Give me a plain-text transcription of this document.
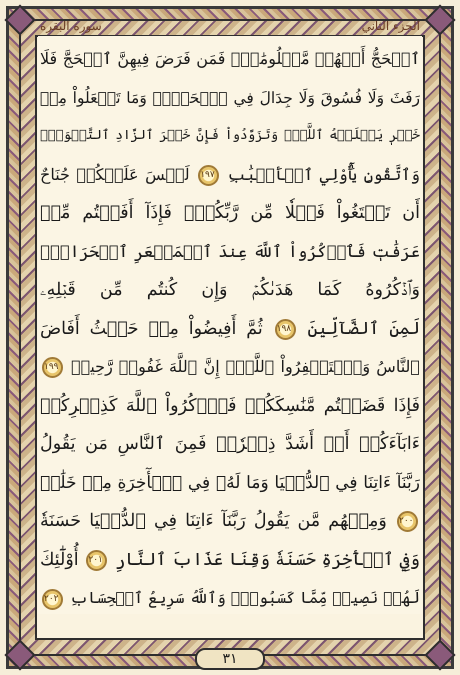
الجزء الثاني
سورة البقرة
ٱلۡحَجُّ أَشۡهُرٞ مَّعۡلُومَٰتٞۚ فَمَن فَرَضَ فِيهِنَّ ٱلۡحَجَّ فَلَا
رَفَثَ وَلَا فُسُوقَ وَلَا جِدَالَ فِي ٱلۡحَجِّۗ وَمَا تَفۡعَلُواْ مِنۡ
خَيۡرٖ يَعۡلَمۡهُ ٱللَّهُۗ وَتَزَوَّدُواْ فَإِنَّ خَيۡرَ ٱلزَّادِ ٱلتَّقۡوَىٰۖ
وَٱتَّقُونِ يَٰٓأُوْلِي ٱلۡأَلۡبَٰبِ ١٩٧ لَيۡسَ عَلَيۡكُمۡ جُنَاحٌ
أَن تَبۡتَغُواْ فَضۡلٗا مِّن رَّبِّكُمۡۚ فَإِذَآ أَفَضۡتُم مِّنۡ
عَرَفَٰتٖ فَٱذۡكُرُواْ ٱللَّهَ عِندَ ٱلۡمَشۡعَرِ ٱلۡحَرَامِۖ
وَٱذۡكُرُوهُ كَمَا هَدَىٰكُمۡ وَإِن كُنتُم مِّن قَبۡلِهِۦ
لَمِنَ ٱلضَّآلِّينَ ١٩٨ ثُمَّ أَفِيضُواْ مِنۡ حَيۡثُ أَفَاضَ
ٱلنَّاسُ وَٱسۡتَغۡفِرُواْ ٱللَّهَۚ إِنَّ ٱللَّهَ غَفُورٞ رَّحِيمٞ ١٩٩
فَإِذَا قَضَيۡتُم مَّنَٰسِكَكُمۡ فَٱذۡكُرُواْ ٱللَّهَ كَذِكۡرِكُمۡ
ءَابَآءَكُمۡ أَوۡ أَشَدَّ ذِكۡرٗاۗ فَمِنَ ٱلنَّاسِ مَن يَقُولُ
رَبَّنَآ ءَاتِنَا فِي ٱلدُّنۡيَا وَمَا لَهُۥ فِي ٱلۡأٓخِرَةِ مِنۡ خَلَٰقٖ
٢٠٠ وَمِنۡهُم مَّن يَقُولُ رَبَّنَآ ءَاتِنَا فِي ٱلدُّنۡيَا حَسَنَةٗ
وَفِي ٱلۡأٓخِرَةِ حَسَنَةٗ وَقِنَا عَذَابَ ٱلنَّارِ ٢٠١ أُوْلَٰٓئِكَ
لَهُمۡ نَصِيبٞ مِّمَّا كَسَبُواْۚ وَٱللَّهُ سَرِيعُ ٱلۡحِسَابِ ٢٠٢
٣١
